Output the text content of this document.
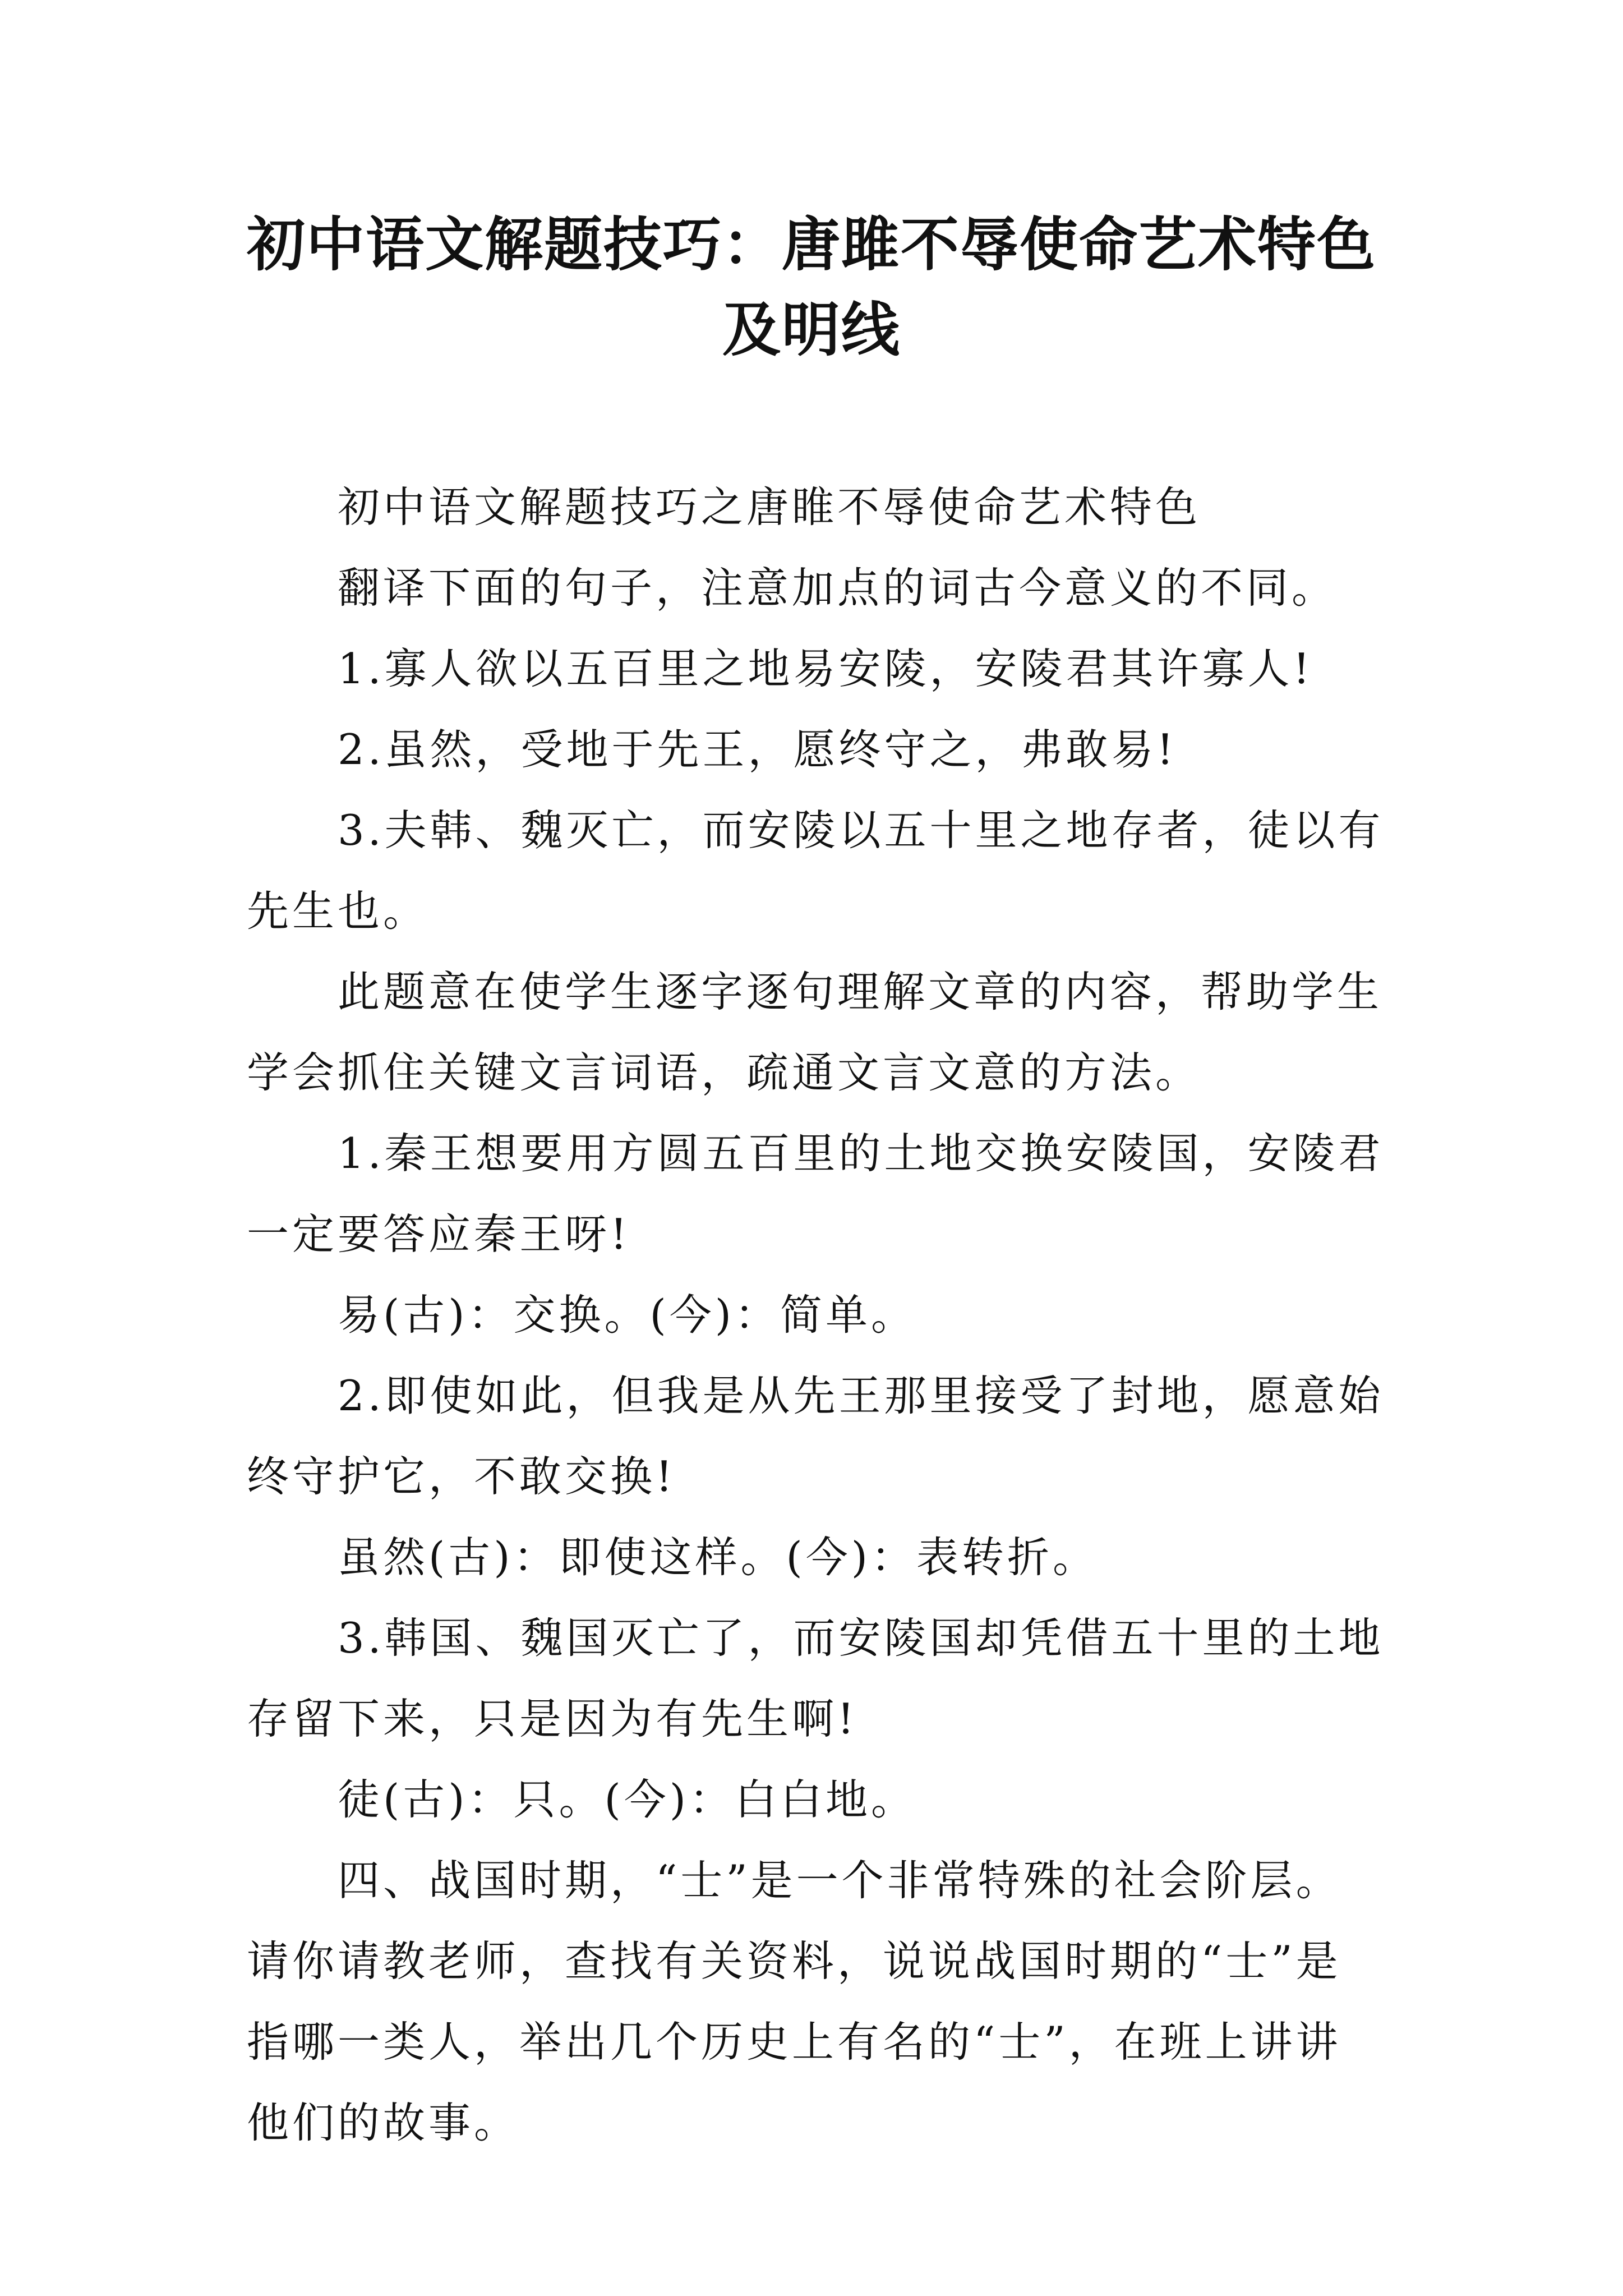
初中语文解题技巧：唐雎不辱使命艺术特色
及明线

初中语文解题技巧之唐睢不辱使命艺术特色

翻译下面的句子，注意加点的词古今意义的不同。

1.寡人欲以五百里之地易安陵，安陵君其许寡人!

2.虽然，受地于先王，愿终守之，弗敢易!

3.夫韩、魏灭亡，而安陵以五十里之地存者，徒以有先生也。

此题意在使学生逐字逐句理解文章的内容，帮助学生学会抓住关键文言词语，疏通文言文意的方法。

1.秦王想要用方圆五百里的土地交换安陵国，安陵君一定要答应秦王呀!

易(古)：交换。(今)：简单。

2.即使如此，但我是从先王那里接受了封地，愿意始终守护它，不敢交换!

虽然(古)：即使这样。(今)：表转折。

3.韩国、魏国灭亡了，而安陵国却凭借五十里的土地存留下来，只是因为有先生啊!

徒(古)：只。(今)：白白地。

四、战国时期，“士”是一个非常特殊的社会阶层。请你请教老师，查找有关资料，说说战国时期的“士”是指哪一类人，举出几个历史上有名的“士”，在班上讲讲他们的故事。
